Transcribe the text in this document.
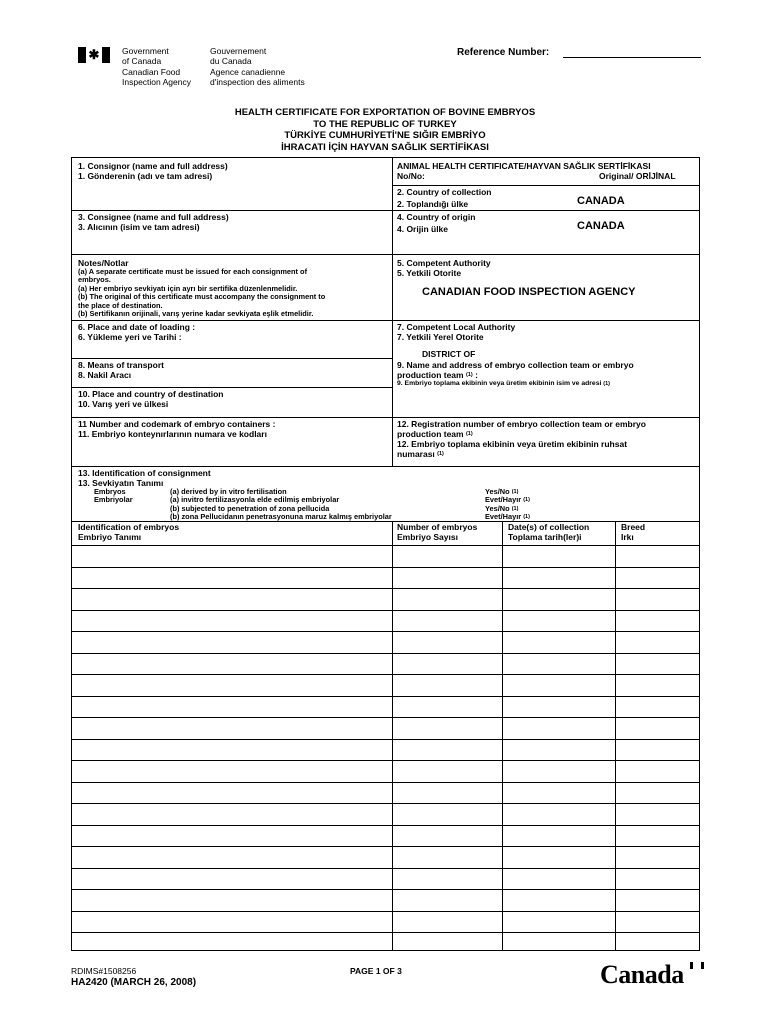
✱	Government
of Canada
Gouvernement
du Canada
Canadian Food
Inspection Agency
Agence canadienne
d'inspection des aliments
Reference Number:
HEALTH CERTIFICATE FOR EXPORTATION OF BOVINE EMBRYOS
TO THE REPUBLIC OF TURKEY
TÜRKİYE CUMHURİYETİ'NE SIĞIR EMBRİYO
İHRACATI İÇİN HAYVAN SAĞLIK SERTİFİKASI
1. Consignor (name and full address)
1. Gönderenin (adı ve tam adresi)
ANIMAL HEALTH CERTIFICATE/HAYVAN SAĞLIK SERTİFİKASI
No/No:	Original/ ORİJİNAL
2. Country of collection
2. Toplandığı ülke	CANADA
3. Consignee (name and full address)
3. Alıcının (isim ve tam adresi)
4. Country of origin
4. Orijin ülke	CANADA
Notes/Notlar
(a) A separate certificate must be issued for each consignment of
embryos.
(a) Her embriyo sevkiyatı için ayrı bir sertifika düzenlenmelidir.
(b) The original of this certificate must accompany the consignment to
the place of destination.
(b) Sertifikanın orijinali, varış yerine kadar sevkiyata eşlik etmelidir.
5. Competent Authority
5. Yetkili Otorite
CANADIAN FOOD INSPECTION AGENCY
6. Place and date of loading :
6. Yükleme yeri ve Tarihi :
7. Competent Local Authority
7. Yetkili Yerel Otorite
DISTRICT OF
8. Means of transport
8. Nakil Aracı
9. Name and address of embryo collection team or embryo
production team $^{(1)}$ :
9. Embriyo toplama ekibinin veya üretim ekibinin isim ve adresi $^{(1)}$
10. Place and country of destination
10. Varış yeri ve ülkesi
11 Number and codemark of embryo containers :
11. Embriyo konteynırlarının numara ve kodları
12. Registration number of embryo collection team or embryo
production team $^{(1)}$
12. Embriyo toplama ekibinin veya üretim ekibinin ruhsat
numarası $^{(1)}$
13. Identification of consignment
13. Sevkiyatın Tanımı
Embryos
Embriyolar
(a) derived by in vitro fertilisation
(a) invitro fertilizasyonla elde edilmiş embriyolar
(b) subjected to penetration of zona pellucida
(b) zona Pellucidanın penetrasyonuna maruz kalmış embriyolar
Yes/No $^{(1)}$
Evet/Hayır $^{(1)}$
Yes/No $^{(1)}$
Evet/Hayır $^{(1)}$
Identification of embryos
Embriyo Tanımı
Number of embryos
Embriyo Sayısı
Date(s) of collection
Toplama tarih(ler)i
Breed
Irkı
RDIMS#1508256
HA2420 (MARCH 26, 2008)
PAGE 1 OF 3	Canada
